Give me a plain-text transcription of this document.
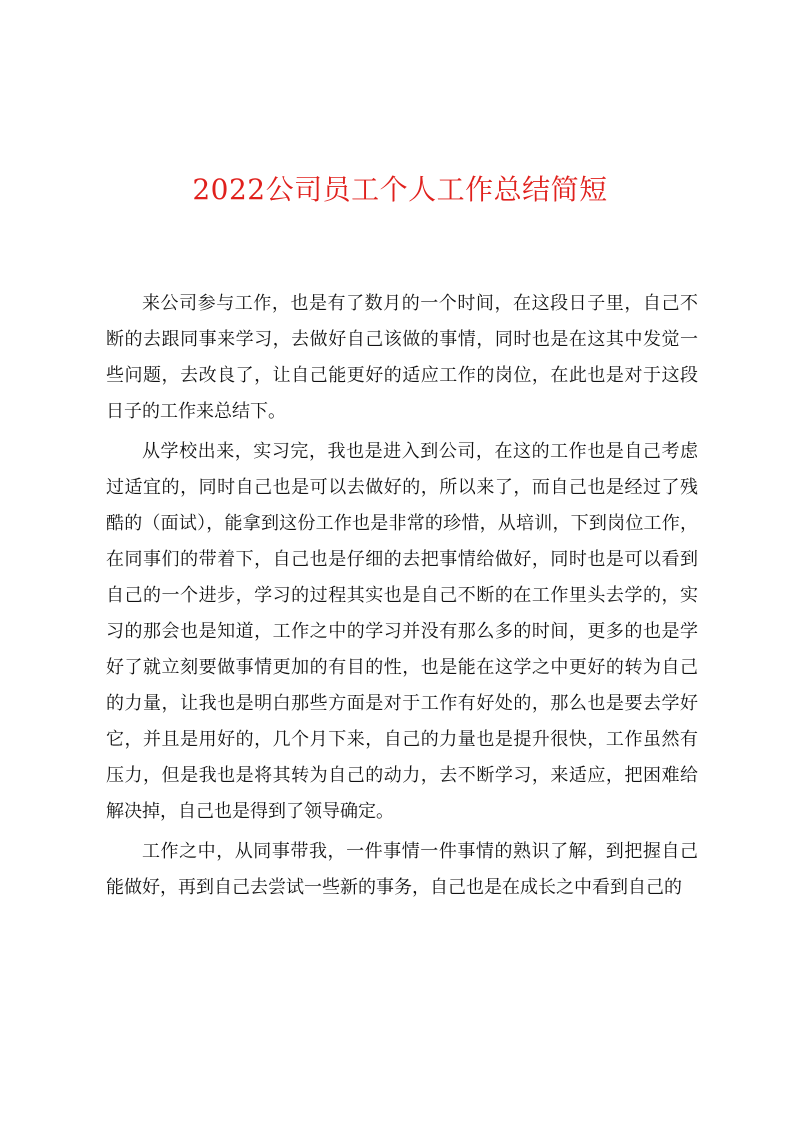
2022公司员工个人工作总结简短

来公司参与工作，也是有了数月的一个时间，在这段日子里，自己不断的去跟同事来学习，去做好自己该做的事情，同时也是在这其中发觉一些问题，去改良了，让自己能更好的适应工作的岗位，在此也是对于这段日子的工作来总结下。

从学校出来，实习完，我也是进入到公司，在这的工作也是自己考虑过适宜的，同时自己也是可以去做好的，所以来了，而自己也是经过了残酷的（面试），能拿到这份工作也是非常的珍惜，从培训，下到岗位工作，在同事们的带着下，自己也是仔细的去把事情给做好，同时也是可以看到自己的一个进步，学习的过程其实也是自己不断的在工作里头去学的，实习的那会也是知道，工作之中的学习并没有那么多的时间，更多的也是学好了就立刻要做事情更加的有目的性，也是能在这学之中更好的转为自己的力量，让我也是明白那些方面是对于工作有好处的，那么也是要去学好它，并且是用好的，几个月下来，自己的力量也是提升很快，工作虽然有压力，但是我也是将其转为自己的动力，去不断学习，来适应，把困难给解决掉，自己也是得到了领导确定。

工作之中，从同事带我，一件事情一件事情的熟识了解，到把握自己能做好，再到自己去尝试一些新的事务，自己也是在成长之中看到自己的
